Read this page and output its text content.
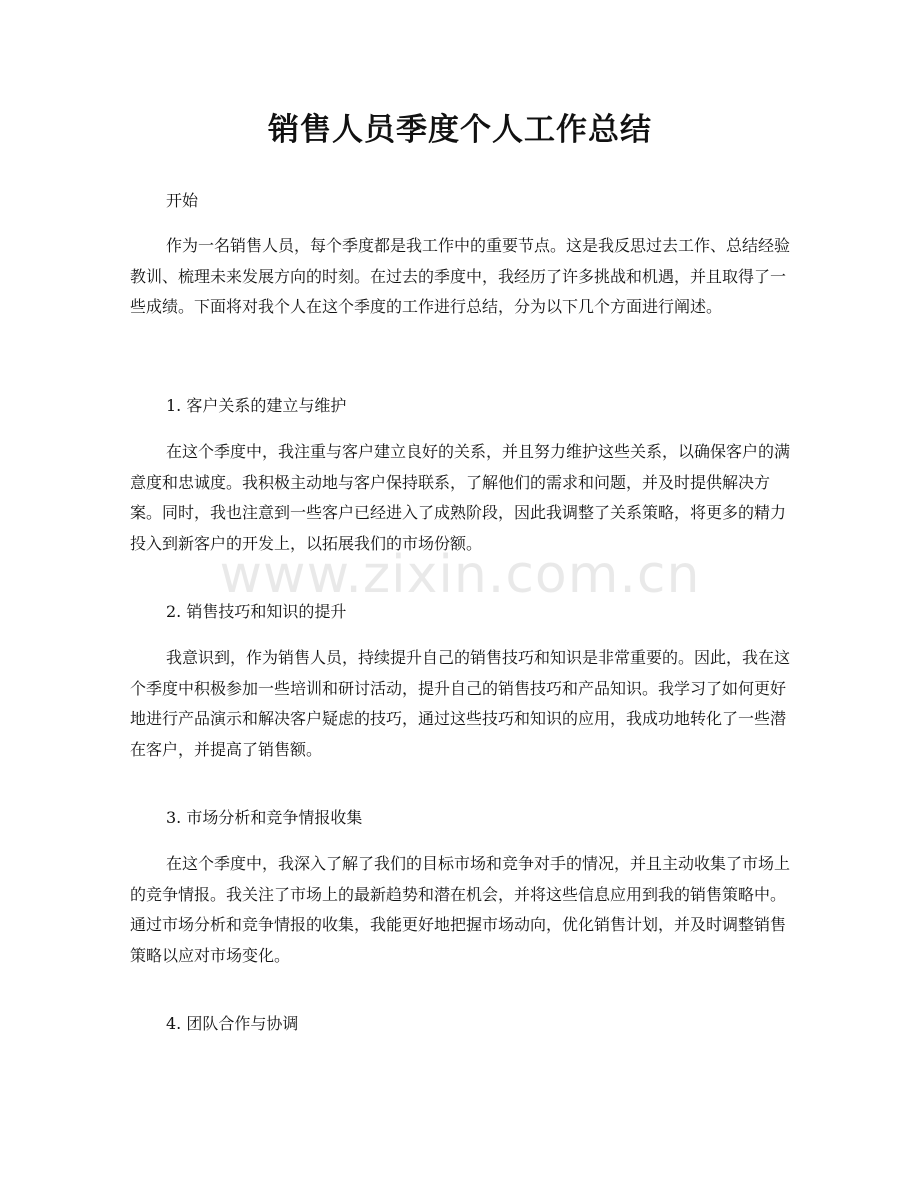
销售人员季度个人工作总结

开始

作为一名销售人员，每个季度都是我工作中的重要节点。这是我反思过去工作、总结经验教训、梳理未来发展方向的时刻。在过去的季度中，我经历了许多挑战和机遇，并且取得了一些成绩。下面将对我个人在这个季度的工作进行总结，分为以下几个方面进行阐述。

1. 客户关系的建立与维护

在这个季度中，我注重与客户建立良好的关系，并且努力维护这些关系，以确保客户的满意度和忠诚度。我积极主动地与客户保持联系，了解他们的需求和问题，并及时提供解决方案。同时，我也注意到一些客户已经进入了成熟阶段，因此我调整了关系策略，将更多的精力投入到新客户的开发上，以拓展我们的市场份额。

2. 销售技巧和知识的提升

我意识到，作为销售人员，持续提升自己的销售技巧和知识是非常重要的。因此，我在这个季度中积极参加一些培训和研讨活动，提升自己的销售技巧和产品知识。我学习了如何更好地进行产品演示和解决客户疑虑的技巧，通过这些技巧和知识的应用，我成功地转化了一些潜在客户，并提高了销售额。

3. 市场分析和竞争情报收集

在这个季度中，我深入了解了我们的目标市场和竞争对手的情况，并且主动收集了市场上的竞争情报。我关注了市场上的最新趋势和潜在机会，并将这些信息应用到我的销售策略中。通过市场分析和竞争情报的收集，我能更好地把握市场动向，优化销售计划，并及时调整销售策略以应对市场变化。

4. 团队合作与协调

www.zixin.com.cn
